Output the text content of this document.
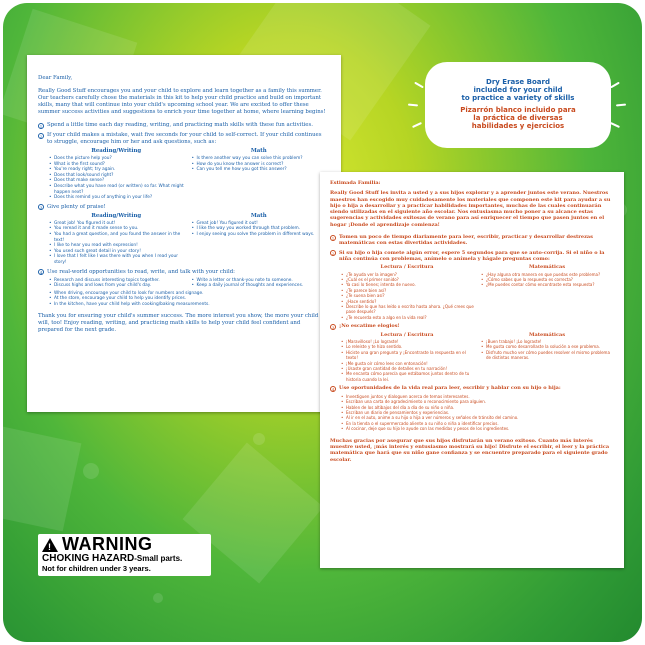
Dry Erase Board
included for your child
to practice a variety of skills
Pizarrón blanco incluido para
la práctica de diversas
habilidades y ejercicios
Dear Family,
Really Good Stuff encourages you and your child to explore and learn together as a family this summer. Our teachers carefully chose the materials in this kit to help your child practice and build on important skills, many that will continue into your child's upcoming school year. We are excited to offer these summer success activities and suggestions to enrich your time together at home, where learning begins!
1 Spend a little time each day reading, writing, and practicing math skills with these fun activities.
2 If your child makes a mistake, wait five seconds for your child to self-correct. If your child continues to struggle, encourage him or her and ask questions, such as:
Reading/Writing
• Does the picture help you?
• What is the first sound?
• You're ready right; try again.
• Does that look/sound right?
• Does that make sense?
• Describe what you have read (or written) so far. What might happen next?
• Does this remind you of anything in your life?
Math
• Is there another way you can solve this problem?
• How do you know the answer is correct?
• Can you tell me how you got this answer?
3 Give plenty of praise!
Reading/Writing
• Great job! You figured it out!
• You reread it and it made sense to you.
• You had a great question, and you found the answer in the text!
• I like to hear you read with expression!
• You used such great detail in your story!
• I love that I felt like I was there with you when I read your story!
Math
• Great job! You figured it out!
• I like the way you worked through that problem.
• I enjoy seeing you solve the problem in different ways.
4 Use real-world opportunities to read, write, and talk with your child:
• Research and discuss interesting topics together.
• Discuss highs and lows from your child's day.
• Write a letter or thank-you note to someone.
• Keep a daily journal of thoughts and experiences.
• When driving, encourage your child to look for numbers and signage.
• At the store, encourage your child to help you identify prices.
• In the kitchen, have your child help with cooking/baking measurements.
Thank you for ensuring your child's summer success. The more interest you show, the more your child will, too! Enjoy reading, writing, and practicing math skills to help your child feel confident and prepared for the next grade.
Estimada Familia:
Really Good Stuff les invita a usted y a sus hijos explorar y a aprender juntos este verano. Nuestros maestros han escogido muy cuidadosamente los materiales que componen este kit para ayudar a su hijo o hija a desarrollar y a practicar habilidades importantes, muchas de las cuales continuarán siendo utilizadas en el siguiente año escolar. Nos entusiasma mucho poner a su alcance estas sugerencias y actividades exitosas de verano para así enriquecer el tiempo que pasen juntos en el hogar ¡Donde el aprendizaje comienza!
1 Tomen un poco de tiempo diariamente para leer, escribir, practicar y desarrollar destrezas matemáticas con estas divertidas actividades.
2 Si su hijo o hija comete algún error, espere 5 segundos para que se auto-corrija. Si el niño o la niña continúa con problemas, anímelo o anímela y hágale preguntas como:
Lectura / Escritura
• ¿Te ayuda ver la imagen?
• ¿Cuál es el primer sonido?
• Ya casi lo tienes; intenta de nuevo.
• ¿Te parece bien así?
• ¿Te suena bien así?
• ¿Hace sentido?
• Describe lo que has leído o escrito hasta ahora. ¿Qué crees que pase después?
• ¿Te recuerda esto a algo en la vida real?
Matemáticas
• ¿Hay alguna otra manera en que puedas este problema?
• ¿Cómo sabes que la respuesta es correcta?
• ¿Me puedes contar cómo encontraste esta respuesta?
3 ¡No escatime elogios!
Lectura / Escritura
• ¡Maravilloso! ¡Lo lograste!
• Lo releíste y te hizo sentido.
• Hiciste una gran pregunta y ¡Encontraste la respuesta en el texto!
• ¡Me gusta oír cómo lees con entonación!
• ¡Usaste gran cantidad de detalles en tu narración!
• Me encanta cómo parecía que estábamos juntos dentro de tu historia cuando la leí.
Matemáticas
• ¡Buen trabajo! ¡Lo lograste!
• Me gusta como desarrollaste la solución a ese problema.
• Disfruto mucho ver cómo puedes resolver el mismo problema de distintas maneras.
4 Use oportunidades de la vida real para leer, escribir y hablar con su hijo o hija:
• Investiguen juntos y dialoguen acerca de temas interesantes.
• Escriban una carta de agradecimiento o reconocimiento para alguien.
• Hablen de los altibajos del día a día de su niño o niña.
• Escriban un diario de pensamientos y experiencias.
• Al ir en el auto, anime a su hijo o hija a ver números y señales de tránsito del camino.
• En la tienda o el supermercado aliente a su niño o niña a identificar precios.
• Al cocinar, deje que su hijo le ayude con las medidas y pesos de los ingredientes.
Muchas gracias por asegurar que sus hijos disfrutarán un verano exitoso. Cuanto más interés muestre usted, ¡más interés y entusiasmo mostrará su hijo! Disfrute el escribir, el leer y la práctica matemática que hará que su niño gane confianza y se encuentre preparado para el siguiente grado escolar.
!
WARNING
CHOKING HAZARD-Small parts.
Not for children under 3 years.
